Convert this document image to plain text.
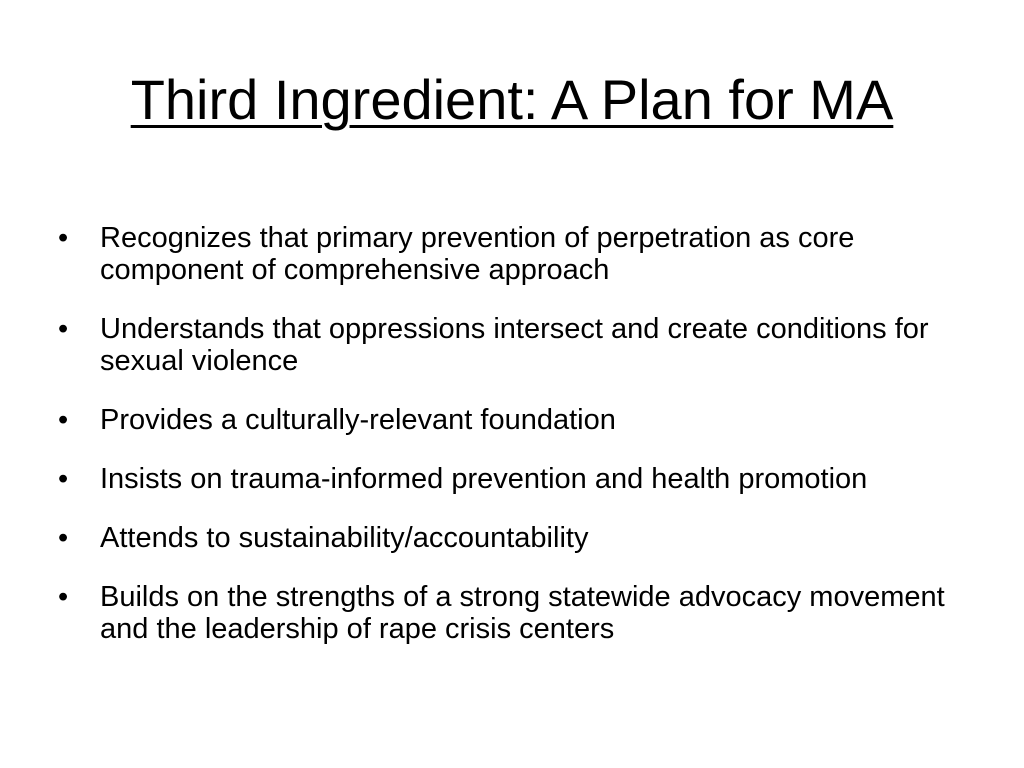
Third Ingredient: A Plan for MA
• Recognizes that primary prevention of perpetration as core component of comprehensive approach
• Understands that oppressions intersect and create conditions for sexual violence
• Provides a culturally-relevant foundation
• Insists on trauma-informed prevention and health promotion
• Attends to sustainability/accountability
• Builds on the strengths of a strong statewide advocacy movement and the leadership of rape crisis centers
